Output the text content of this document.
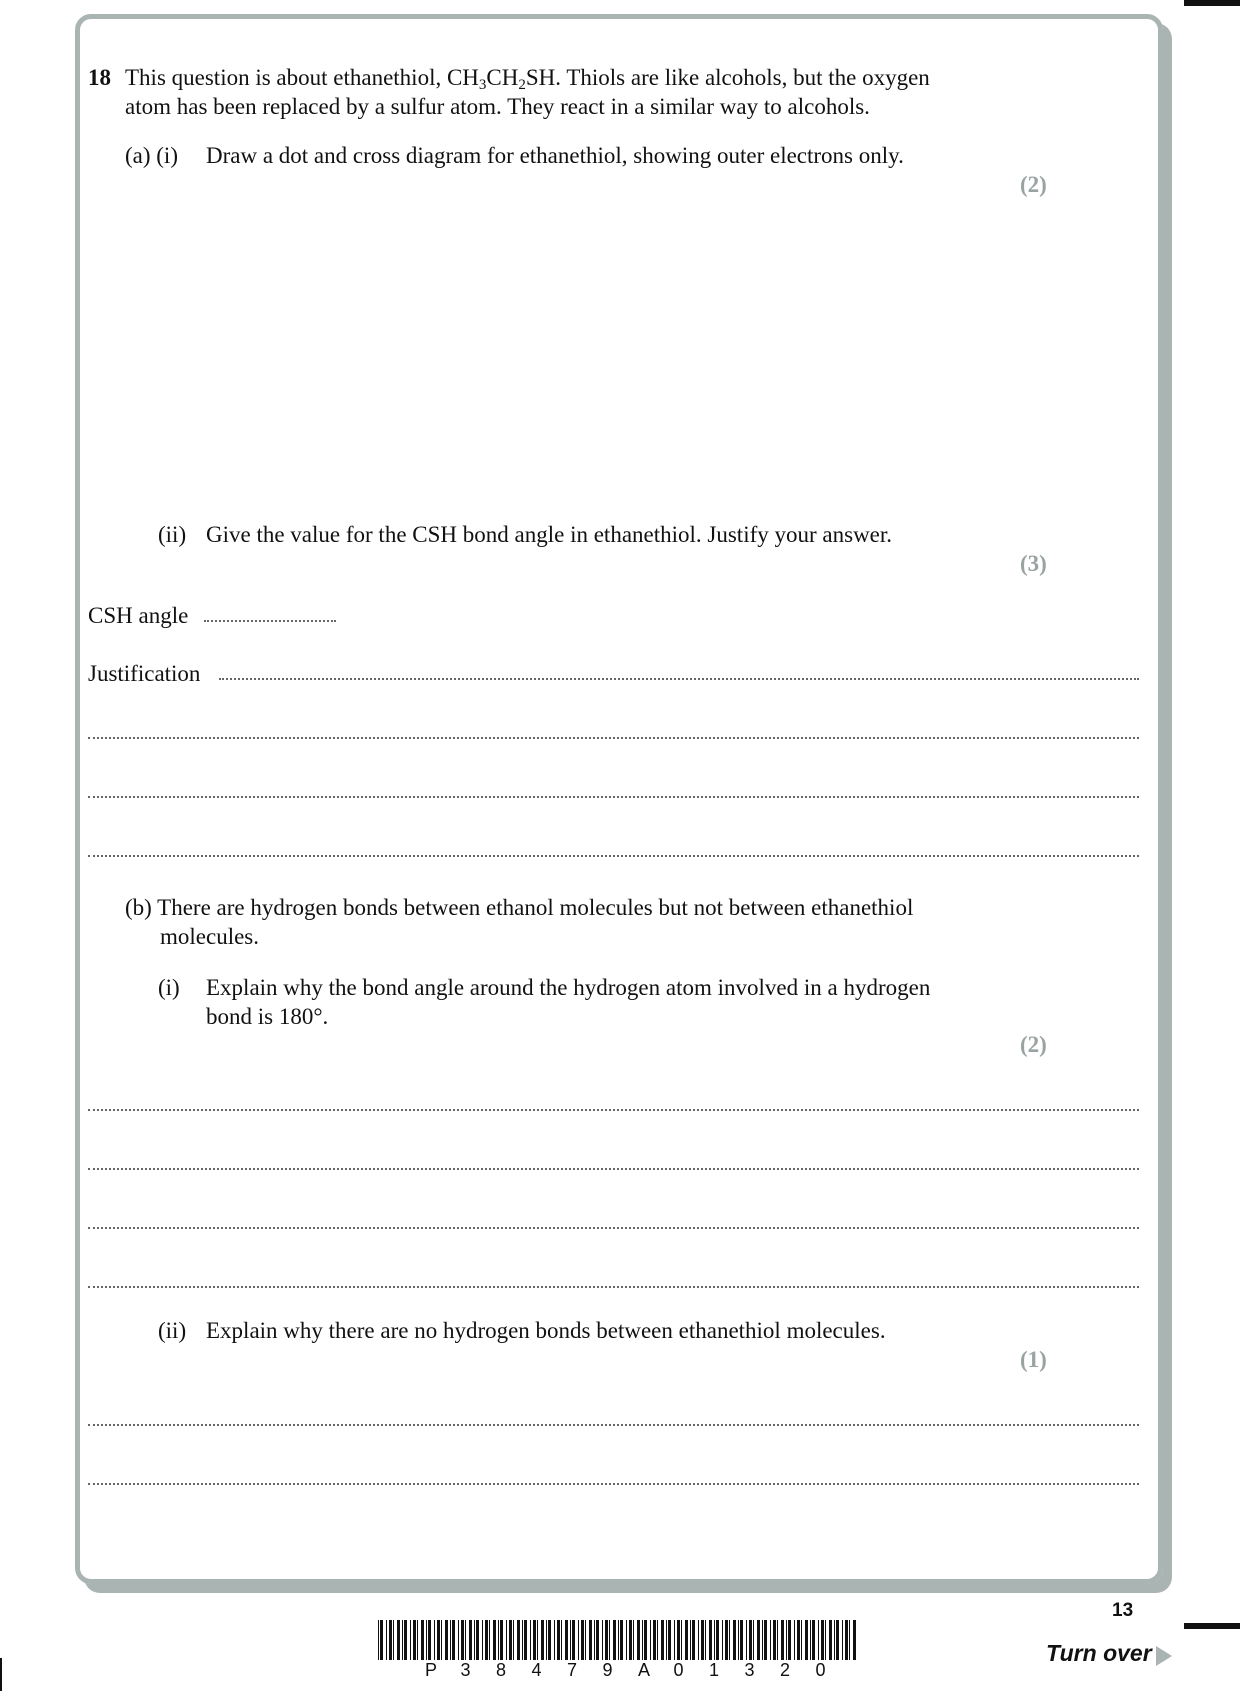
18 This question is about ethanethiol, $CH_3CH_2SH$. Thiols are like alcohols, but the oxygen
atom has been replaced by a sulfur atom. They react in a similar way to alcohols.
(a) (i) Draw a dot and cross diagram for ethanethiol, showing outer electrons only.
(2)
(ii) Give the value for the CSH bond angle in ethanethiol. Justify your answer.
(3)
CSH angle
Justification
(b) There are hydrogen bonds between ethanol molecules but not between ethanethiol
molecules.
(i) Explain why the bond angle around the hydrogen atom involved in a hydrogen
bond is 180°.
(2)
(ii) Explain why there are no hydrogen bonds between ethanethiol molecules.
(1)
13
Turn over
P 3 8 4 7 9 A 0 1 3 2 0
